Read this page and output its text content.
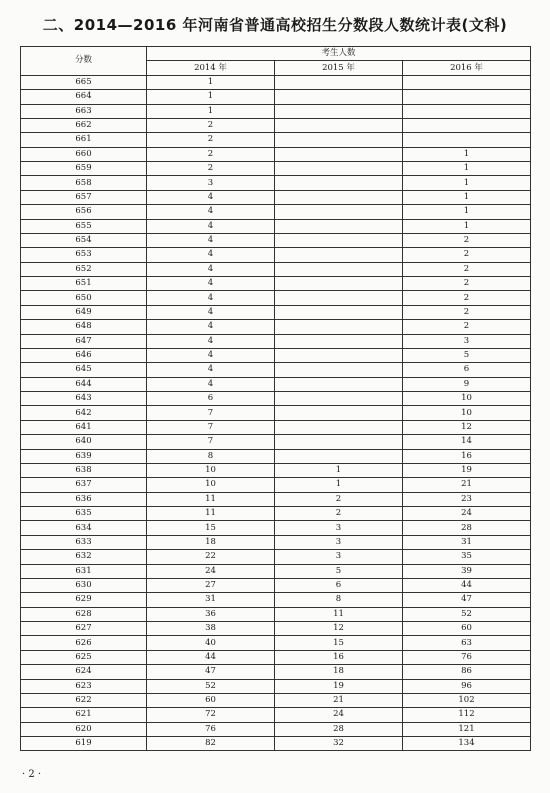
二、2014—2016 年河南省普通高校招生分数段人数统计表(文科)
分数	考生人数		
	2014 年	2015 年	2016 年
665	1		
664	1		
663	1		
662	2		
661	2		
660	2		1
659	2		1
658	3		1
657	4		1
656	4		1
655	4		1
654	4		2
653	4		2
652	4		2
651	4		2
650	4		2
649	4		2
648	4		2
647	4		3
646	4		5
645	4		6
644	4		9
643	6		10
642	7		10
641	7		12
640	7		14
639	8		16
638	10	1	19
637	10	1	21
636	11	2	23
635	11	2	24
634	15	3	28
633	18	3	31
632	22	3	35
631	24	5	39
630	27	6	44
629	31	8	47
628	36	11	52
627	38	12	60
626	40	15	63
625	44	16	76
624	47	18	86
623	52	19	96
622	60	21	102
621	72	24	112
620	76	28	121
619	82	32	134
· 2 ·
